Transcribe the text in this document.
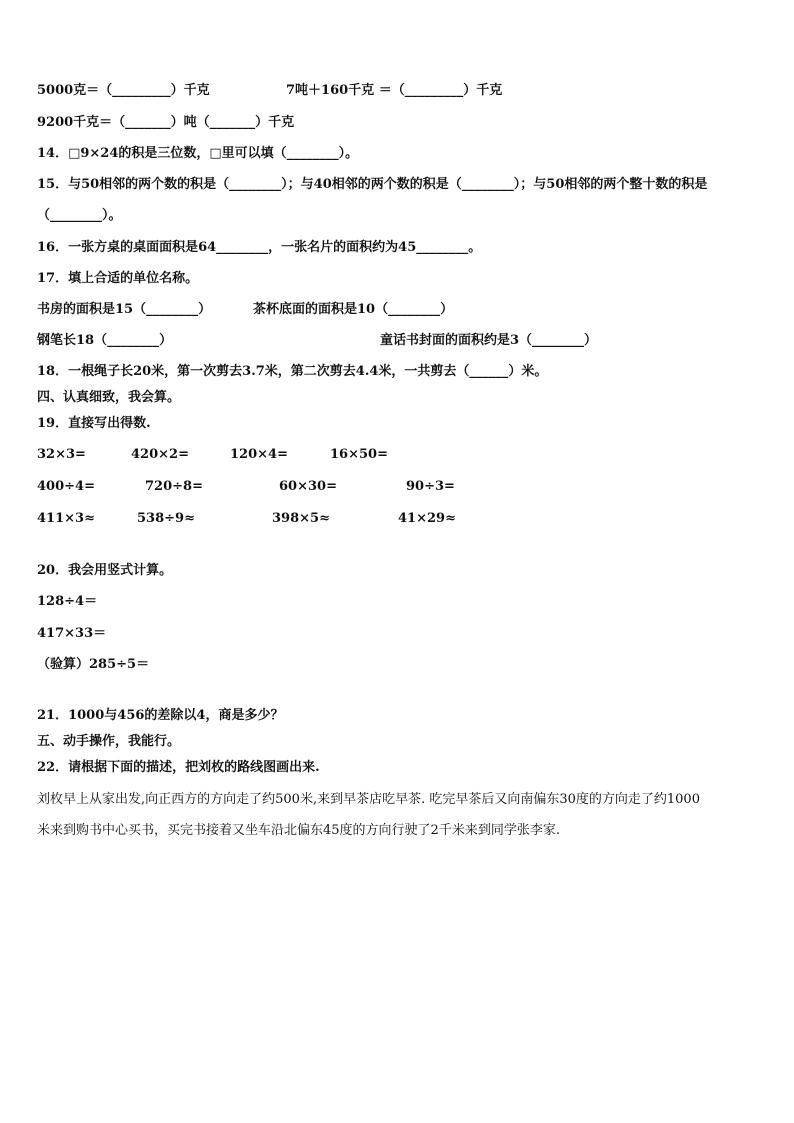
5000克＝（_________）千克	7吨＋160千克 ＝（_________）千克
9200千克＝（_______）吨（_______）千克
14．□9×24的积是三位数，□里可以填（________）。
15．与50相邻的两个数的积是（________）；与40相邻的两个数的积是（________）；与50相邻的两个整十数的积是
（________）。
16．一张方桌的桌面面积是64________，一张名片的面积约为45________。
17．填上合适的单位名称。
书房的面积是15（________）	茶杯底面的面积是10（________）
钢笔长18（________）	童话书封面的面积约是3（________）
18．一根绳子长20米，第一次剪去3.7米，第二次剪去4.4米，一共剪去（______）米。
四、认真细致，我会算。
19．直接写出得数.
32×3=	420×2=	120×4=	16×50=
400÷4=	720÷8=	60×30=	90÷3=
411×3≈	538÷9≈	398×5≈	41×29≈
20．我会用竖式计算。
128÷4＝
417×33＝
（验算）285÷5＝
21．1000与456的差除以4，商是多少？
五、动手操作，我能行。
22．请根据下面的描述，把刘枚的路线图画出来.
刘枚早上从家出发,向正西方的方向走了约500米,来到早茶店吃早茶. 吃完早茶后又向南偏东30度的方向走了约1000
米来到购书中心买书，买完书接着又坐车沿北偏东45度的方向行驶了2千米来到同学张李家.
